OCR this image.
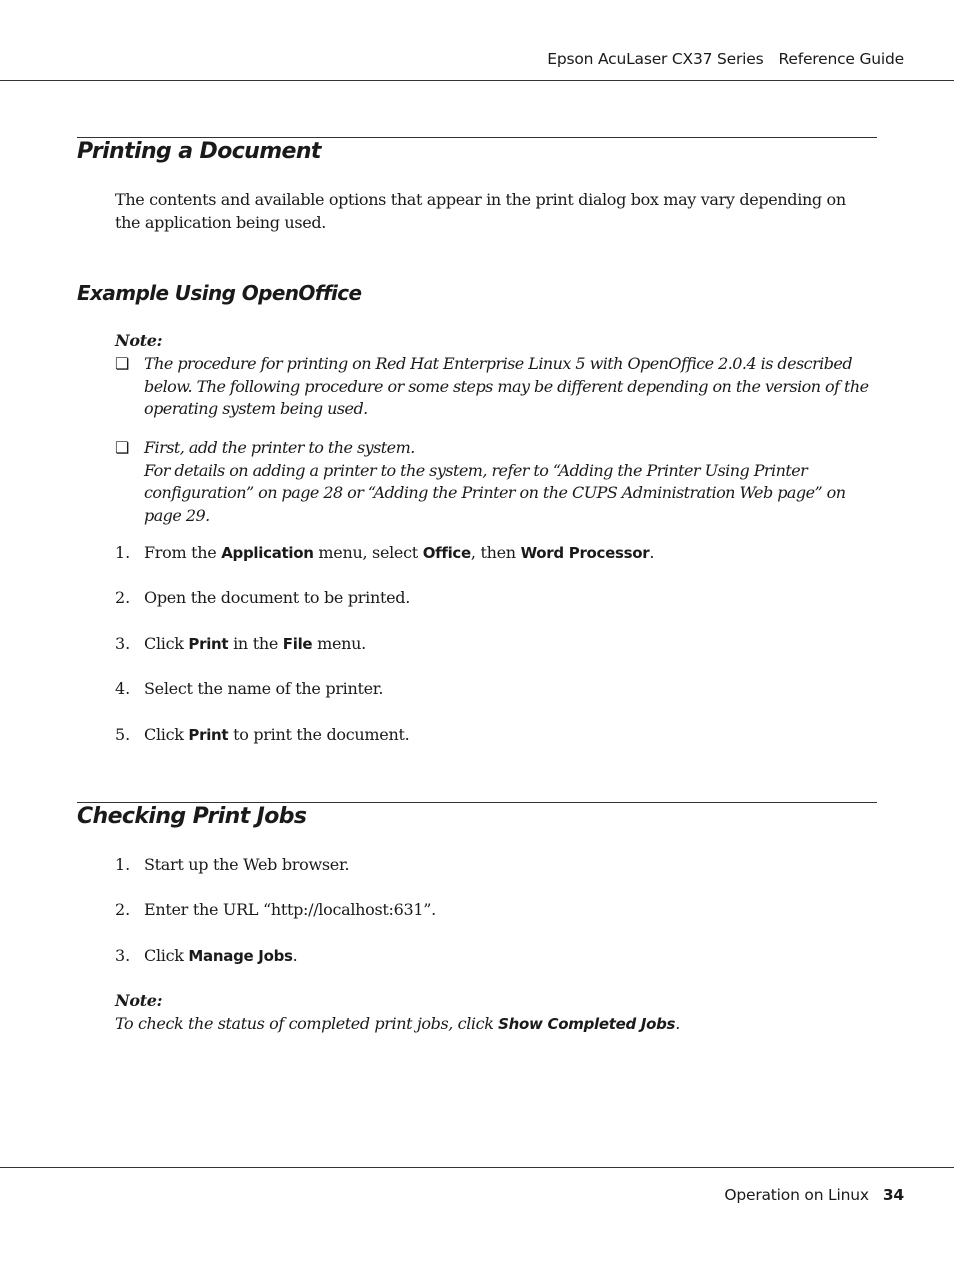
Epson AcuLaser CX37 Series Reference Guide
Printing a Document
The contents and available options that appear in the print dialog box may vary depending on the application being used.
Example Using OpenOffice
Note:
❏ The procedure for printing on Red Hat Enterprise Linux 5 with OpenOffice 2.0.4 is described below. The following procedure or some steps may be different depending on the version of the operating system being used.
❏ First, add the printer to the system.
For details on adding a printer to the system, refer to “Adding the Printer Using Printer configuration” on page 28 or “Adding the Printer on the CUPS Administration Web page” on page 29.
1. From the Application menu, select Office, then Word Processor.
2. Open the document to be printed.
3. Click Print in the File menu.
4. Select the name of the printer.
5. Click Print to print the document.
Checking Print Jobs
1. Start up the Web browser.
2. Enter the URL “http://localhost:631”.
3. Click Manage Jobs.
Note:
To check the status of completed print jobs, click Show Completed Jobs.
Operation on Linux 34
